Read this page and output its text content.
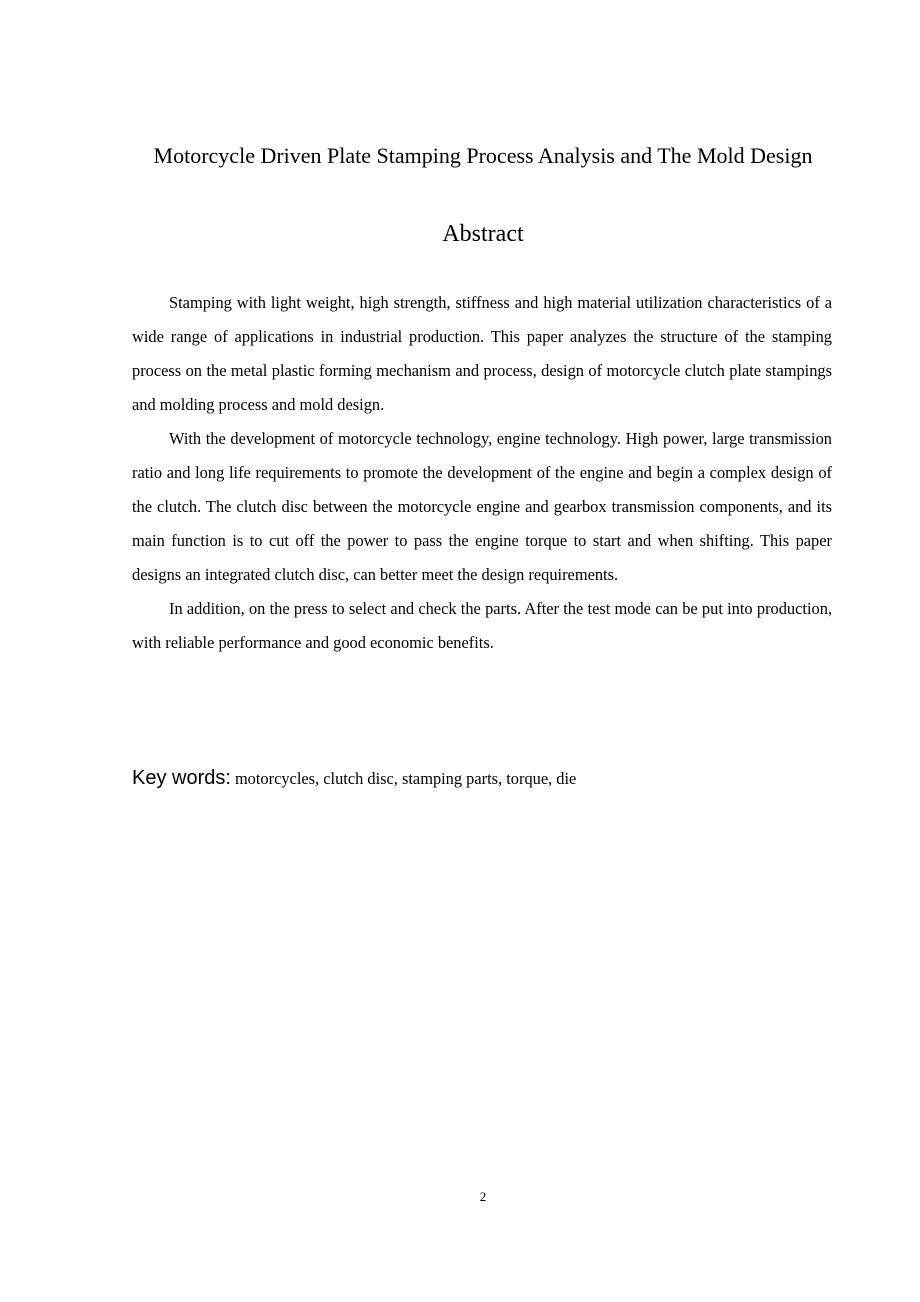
Motorcycle Driven Plate Stamping Process Analysis and The Mold Design
Abstract

Stamping with light weight, high strength, stiffness and high material utilization characteristics of a wide range of applications in industrial production. This paper analyzes the structure of the stamping process on the metal plastic forming mechanism and process, design of motorcycle clutch plate stampings and molding process and mold design.

With the development of motorcycle technology, engine technology. High power, large transmission ratio and long life requirements to promote the development of the engine and begin a complex design of the clutch. The clutch disc between the motorcycle engine and gearbox transmission components, and its main function is to cut off the power to pass the engine torque to start and when shifting. This paper designs an integrated clutch disc, can better meet the design requirements.

In addition, on the press to select and check the parts. After the test mode can be put into production, with reliable performance and good economic benefits.

Key words: motorcycles, clutch disc, stamping parts, torque, die
2
